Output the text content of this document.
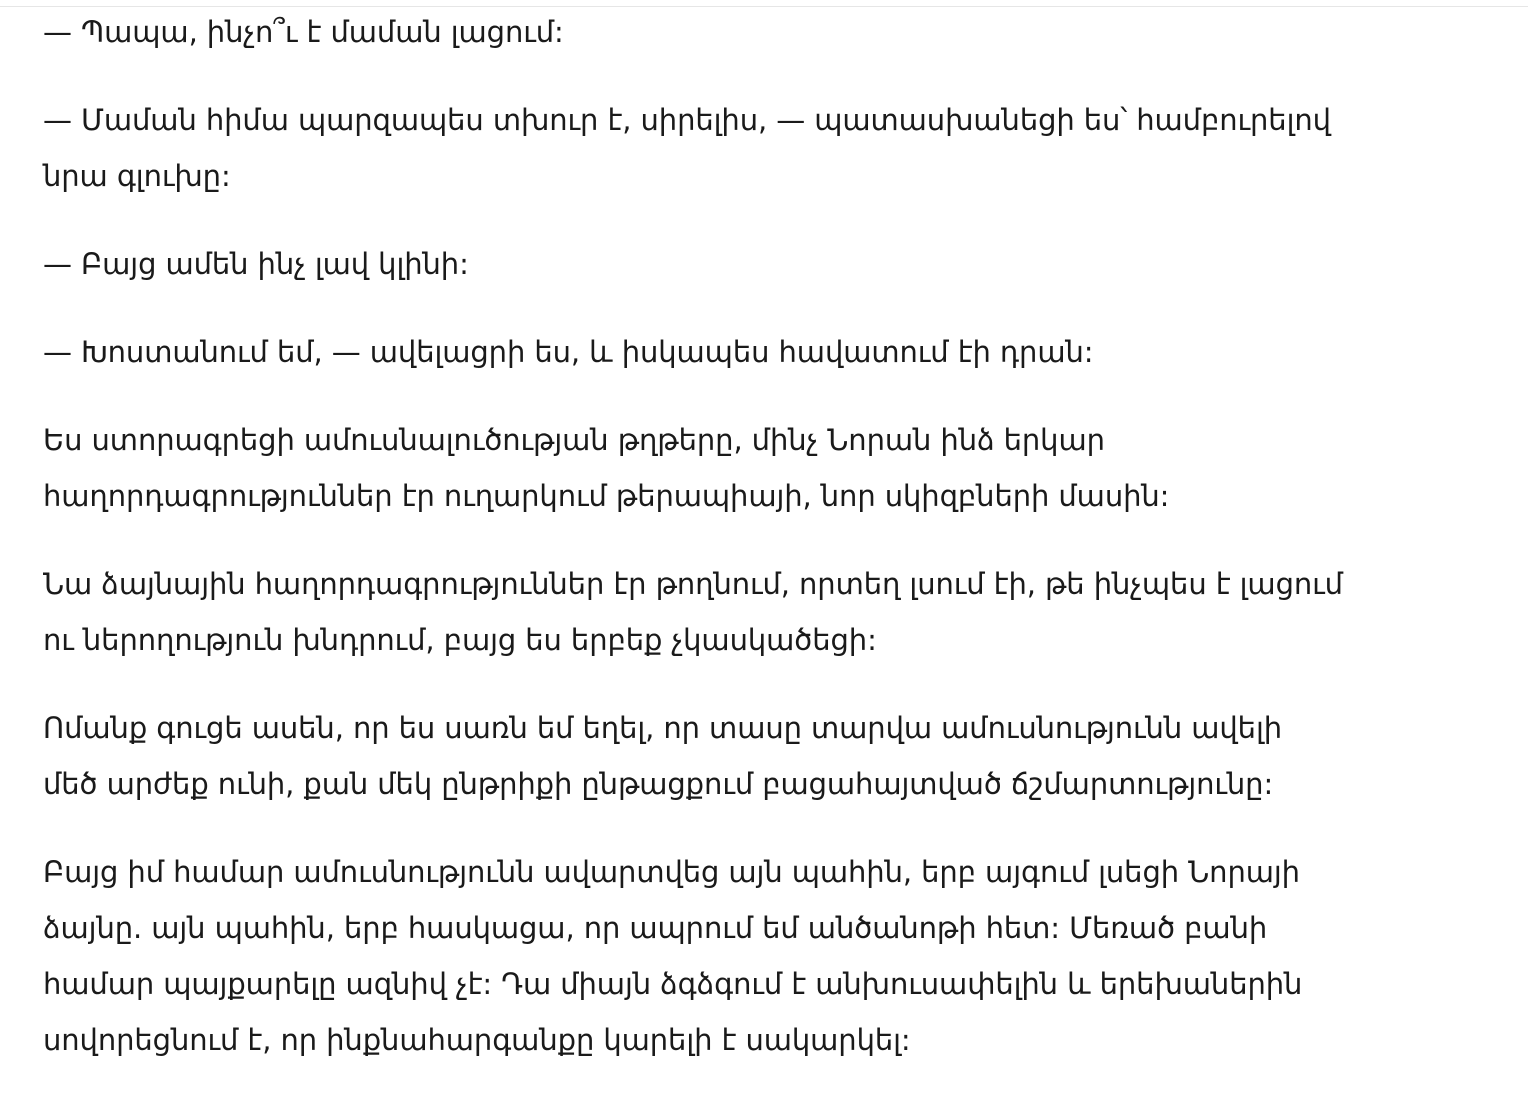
— Պապա, ինչո՞ւ է մաման լացում:

— Մաման հիմա պարզապես տխուր է, սիրելիս, — պատասխանեցի ես՝ համբուրելով նրա գլուխը:

— Բայց ամեն ինչ լավ կլինի:

— Խոստանում եմ, — ավելացրի ես, և իսկապես հավատում էի դրան:

Ես ստորագրեցի ամուսնալուծության թղթերը, մինչ Նորան ինձ երկար հաղորդագրություններ էր ուղարկում թերապիայի, նոր սկիզբների մասին:

Նա ձայնային հաղորդագրություններ էր թողնում, որտեղ լսում էի, թե ինչպես է լացում ու ներողություն խնդրում, բայց ես երբեք չկասկածեցի:

Ոմանք գուցե ասեն, որ ես սառն եմ եղել, որ տասը տարվա ամուսնությունն ավելի մեծ արժեք ունի, քան մեկ ընթրիքի ընթացքում բացահայտված ճշմարտությունը:

Բայց իմ համար ամուսնությունն ավարտվեց այն պահին, երբ այգում լսեցի Նորայի ձայնը. այն պահին, երբ հասկացա, որ ապրում եմ անծանոթի հետ: Մեռած բանի համար պայքարելը ազնիվ չէ: Դա միայն ձգձգում է անխուսափելին և երեխաներին սովորեցնում է, որ ինքնահարգանքը կարելի է սակարկել:
